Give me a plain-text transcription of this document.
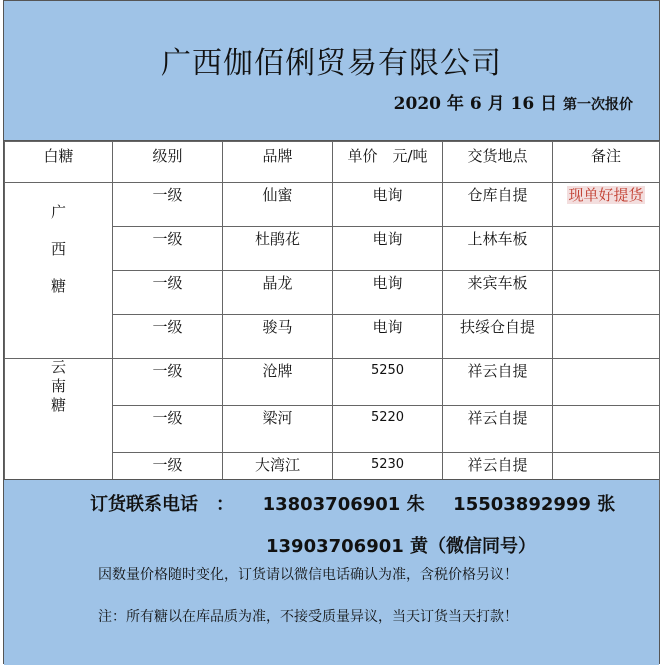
广西伽佰俐贸易有限公司
2020 年 6 月 16 日 第一次报价
白糖	级别	品牌	单价　元/吨	交货地点	备注

广
西
糖	一级	仙蜜	电询	仓库自提	现单好提货
	一级	杜鹃花	电询	上林车板	
	一级	晶龙	电询	来宾车板	
	一级	骏马	电询	扶绥仓自提	

云
南
糖	一级	沧牌	5250	祥云自提	
	一级	梁河	5220	祥云自提	
	一级	大湾江	5230	祥云自提	
订货联系电话　： 13803706901 朱 15503892999 张
13903706901 黄（微信同号）
因数量价格随时变化，订货请以微信电话确认为准，含税价格另议！
注：所有糖以在库品质为准，不接受质量异议，当天订货当天打款！
